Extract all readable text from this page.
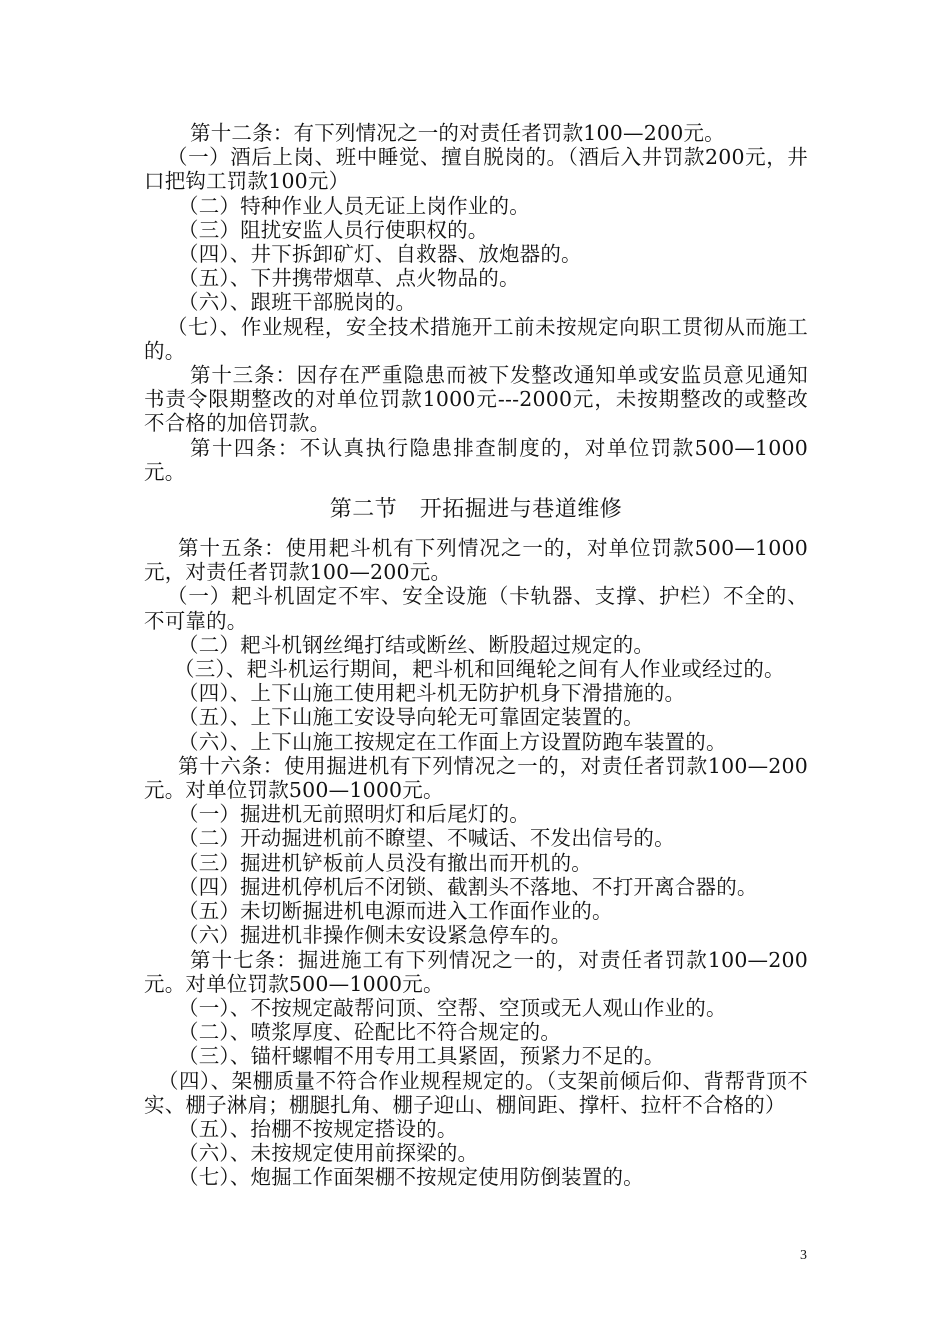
第十二条：有下列情况之一的对责任者罚款100—200元。

（一）酒后上岗、班中睡觉、擅自脱岗的。（酒后入井罚款200元，井口把钩工罚款100元）

（二）特种作业人员无证上岗作业的。

（三）阻扰安监人员行使职权的。

（四）、井下拆卸矿灯、自救器、放炮器的。

（五）、下井携带烟草、点火物品的。

（六）、跟班干部脱岗的。

（七）、作业规程，安全技术措施开工前未按规定向职工贯彻从而施工的。

第十三条：因存在严重隐患而被下发整改通知单或安监员意见通知书责令限期整改的对单位罚款1000元---2000元，未按期整改的或整改不合格的加倍罚款。

第十四条：不认真执行隐患排查制度的，对单位罚款500—1000元。

第二节　开拓掘进与巷道维修

第十五条：使用耙斗机有下列情况之一的，对单位罚款500—1000元，对责任者罚款100—200元。

（一）耙斗机固定不牢、安全设施（卡轨器、支撑、护栏）不全的、不可靠的。

（二）耙斗机钢丝绳打结或断丝、断股超过规定的。

（三）、耙斗机运行期间，耙斗机和回绳轮之间有人作业或经过的。

（四）、上下山施工使用耙斗机无防护机身下滑措施的。

（五）、上下山施工安设导向轮无可靠固定装置的。

（六）、上下山施工按规定在工作面上方设置防跑车装置的。

第十六条：使用掘进机有下列情况之一的，对责任者罚款100—200元。对单位罚款500—1000元。

（一）掘进机无前照明灯和后尾灯的。

（二）开动掘进机前不瞭望、不喊话、不发出信号的。

（三）掘进机铲板前人员没有撤出而开机的。

（四）掘进机停机后不闭锁、截割头不落地、不打开离合器的。

（五）未切断掘进机电源而进入工作面作业的。

（六）掘进机非操作侧未安设紧急停车的。

第十七条：掘进施工有下列情况之一的，对责任者罚款100—200元。对单位罚款500—1000元。

（一）、不按规定敲帮问顶、空帮、空顶或无人观山作业的。

（二）、喷浆厚度、砼配比不符合规定的。

（三）、锚杆螺帽不用专用工具紧固，预紧力不足的。

（四）、架棚质量不符合作业规程规定的。（支架前倾后仰、背帮背顶不实、棚子淋肩；棚腿扎角、棚子迎山、棚间距、撑杆、拉杆不合格的）

（五）、抬棚不按规定搭设的。

（六）、未按规定使用前探梁的。

（七）、炮掘工作面架棚不按规定使用防倒装置的。

3
